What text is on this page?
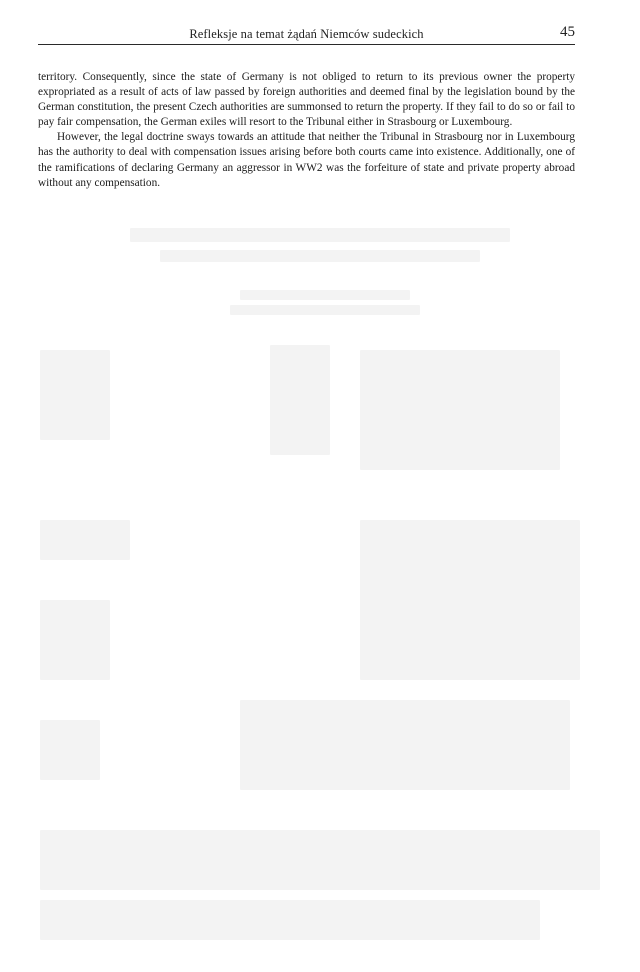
Refleksje na temat żądań Niemców sudeckich	45

territory. Consequently, since the state of Germany is not obliged to return to its previous owner the property expropriated as a result of acts of law passed by foreign authorities and deemed final by the legislation bound by the German constitution, the present Czech authorities are summonsed to return the property. If they fail to do so or fail to pay fair compensation, the German exiles will resort to the Tribunal either in Strasbourg or Luxembourg.

However, the legal doctrine sways towards an attitude that neither the Tribunal in Strasbourg nor in Luxembourg has the authority to deal with compensation issues arising before both courts came into existence. Additionally, one of the ramifications of declaring Germany an aggressor in WW2 was the forfeiture of state and private property abroad without any compensation.
